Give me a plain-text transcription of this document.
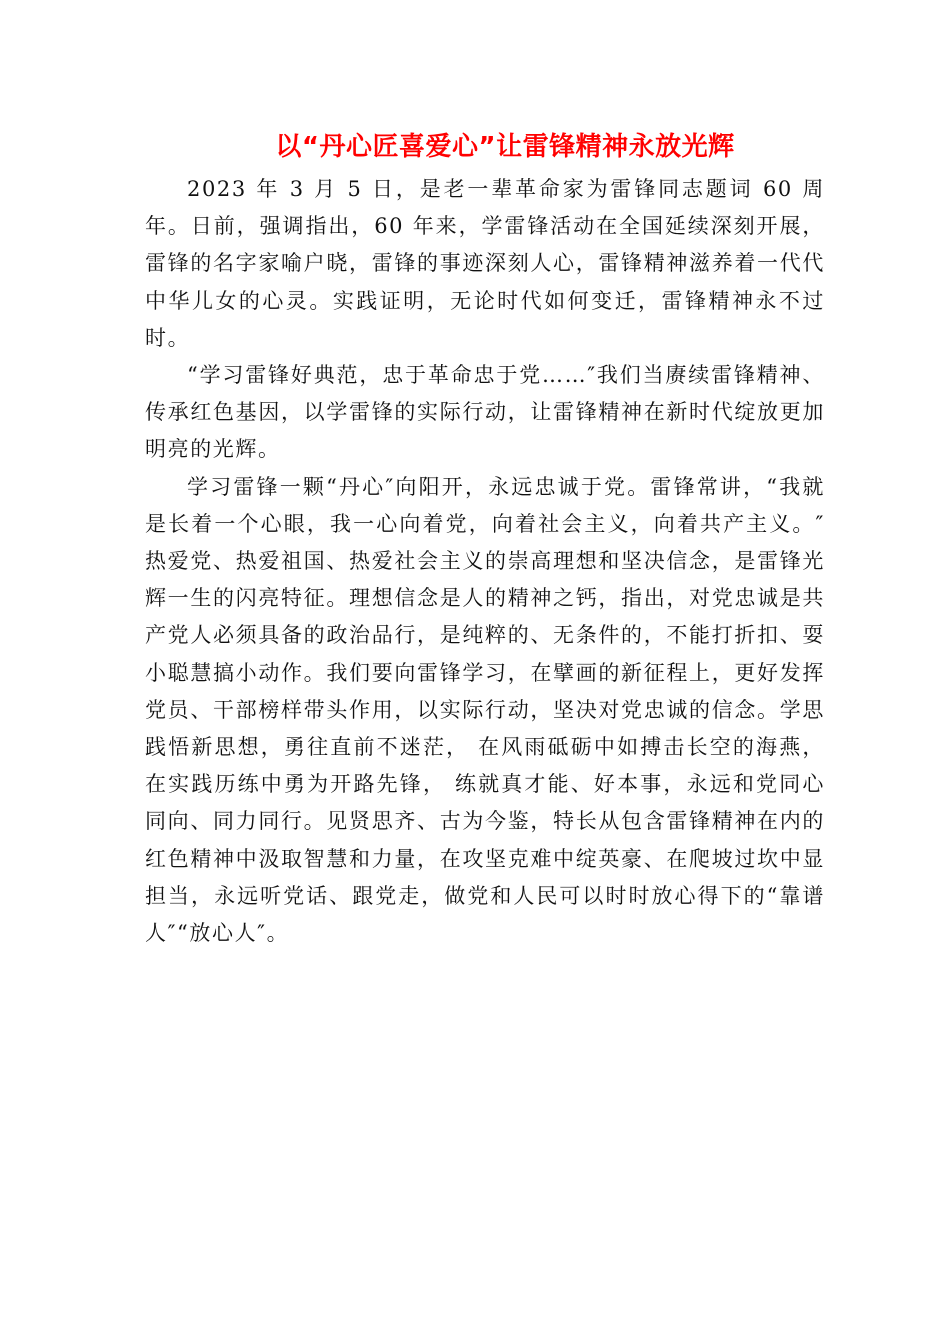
以“丹心匠喜爱心”让雷锋精神永放光辉

2023 年 3 月 5 日，是老一辈革命家为雷锋同志题词 60 周年。日前，强调指出，60 年来，学雷锋活动在全国延续深刻开展，雷锋的名字家喻户晓，雷锋的事迹深刻人心，雷锋精神滋养着一代代中华儿女的心灵。实践证明，无论时代如何变迁，雷锋精神永不过时。

“学习雷锋好典范，忠于革命忠于党……″我们当赓续雷锋精神、传承红色基因，以学雷锋的实际行动，让雷锋精神在新时代绽放更加明亮的光辉。

学习雷锋一颗“丹心″向阳开，永远忠诚于党。雷锋常讲，“我就是长着一个心眼，我一心向着党，向着社会主义，向着共产主义。″热爱党、热爱祖国、热爱社会主义的崇高理想和坚决信念，是雷锋光辉一生的闪亮特征。理想信念是人的精神之钙，指出，对党忠诚是共产党人必须具备的政治品行，是纯粹的、无条件的，不能打折扣、耍小聪慧搞小动作。我们要向雷锋学习，在擘画的新征程上，更好发挥党员、干部榜样带头作用，以实际行动，坚决对党忠诚的信念。学思践悟新思想，勇往直前不迷茫， 在风雨砥砺中如搏击长空的海燕，在实践历练中勇为开路先锋， 练就真才能、好本事，永远和党同心同向、同力同行。见贤思齐、古为今鉴，特长从包含雷锋精神在内的红色精神中汲取智慧和力量，在攻坚克难中绽英豪、在爬坡过坎中显担当，永远听党话、跟党走，做党和人民可以时时放心得下的“靠谱人″“放心人″。
